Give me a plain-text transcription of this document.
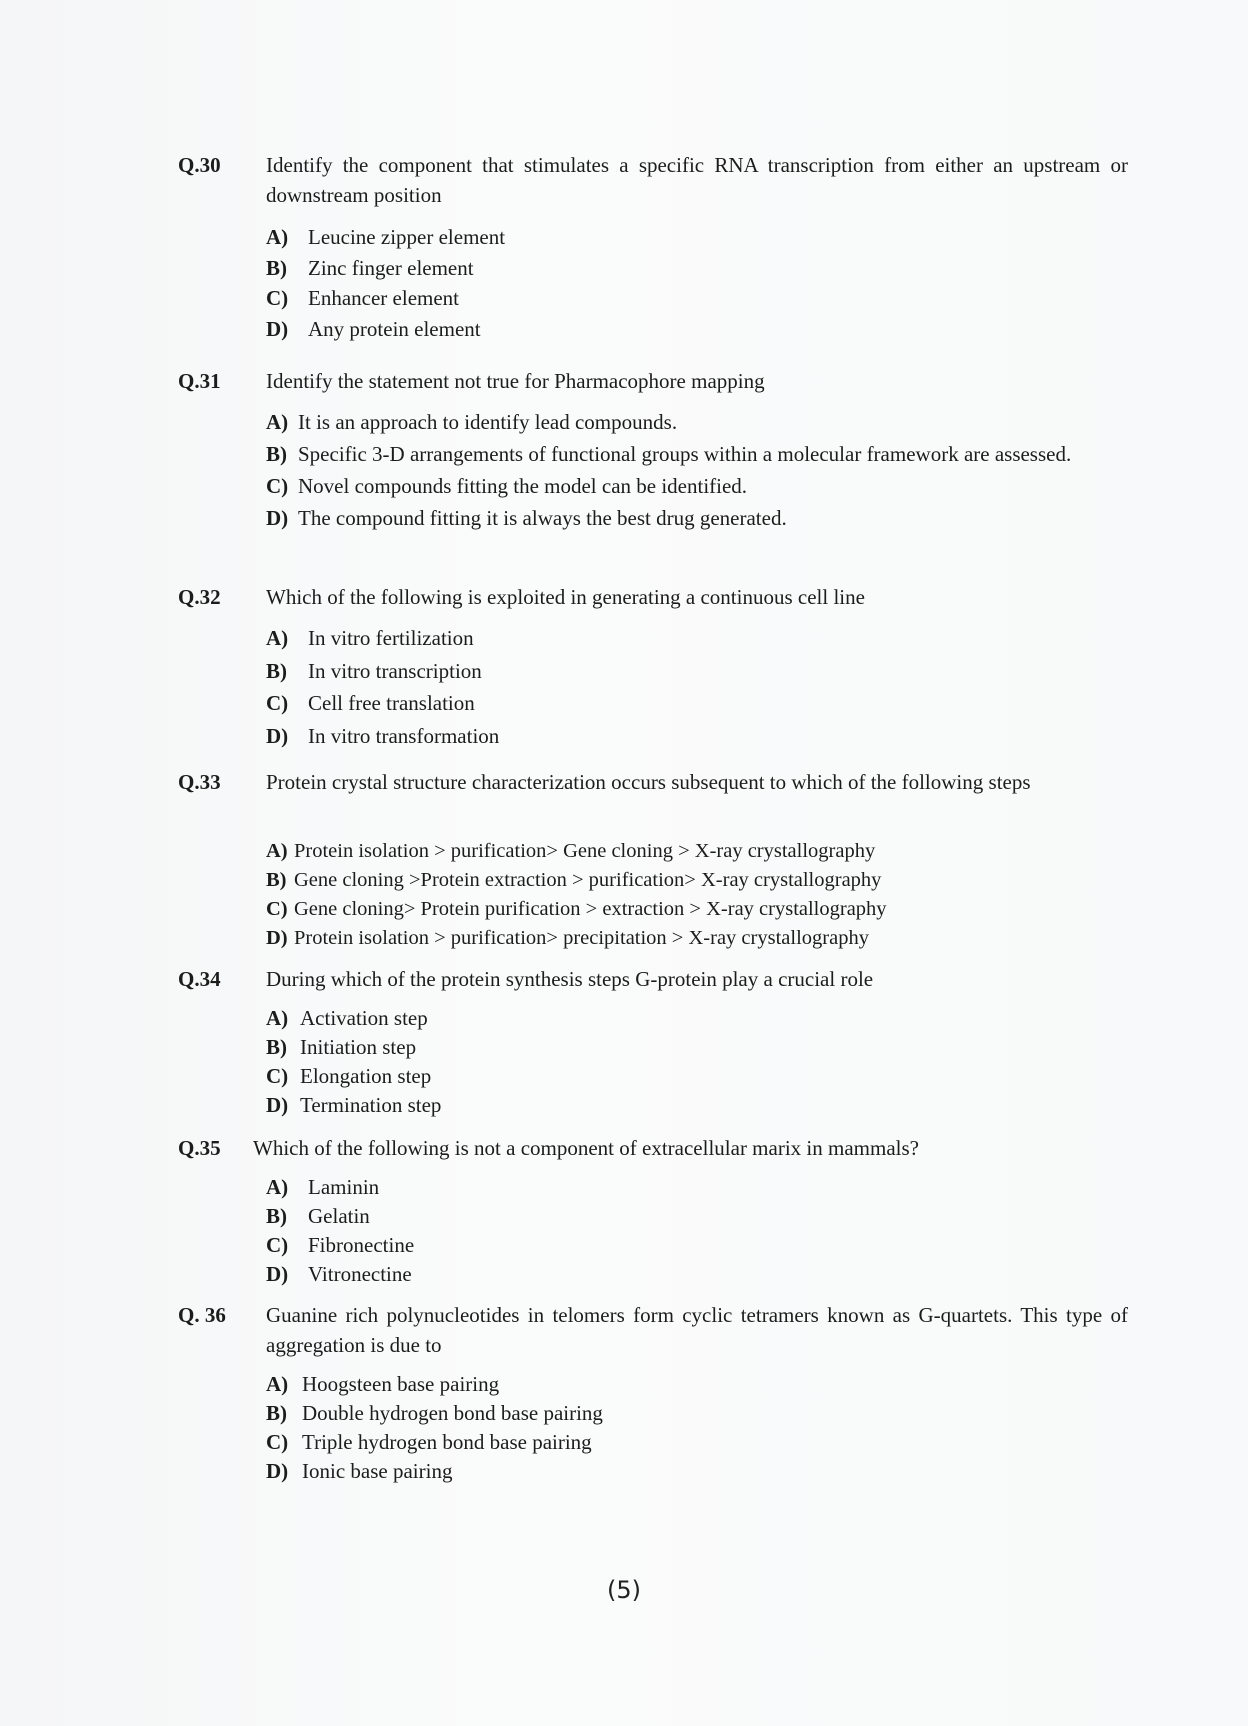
Q.30 Identify the component that stimulates a specific RNA transcription from either an upstream or downstream position
A) Leucine zipper element
B)	Zinc finger element
C) Enhancer element
D) Any protein element
Q.31 Identify the statement not true for Pharmacophore mapping
A) It is an approach to identify lead compounds.
B) Specific 3-D arrangements of functional groups within a molecular framework are assessed.
C) Novel compounds fitting the model can be identified.
D) The compound fitting it is always the best drug generated.
Q.32 Which of the following is exploited in generating a continuous cell line
A) In vitro fertilization
B)	In vitro transcription
C) Cell free translation
D) In vitro transformation
Q.33 Protein crystal structure characterization occurs subsequent to which of the following steps
A) Protein isolation > purification> Gene cloning > X-ray crystallography
B) Gene cloning >Protein extraction > purification> X-ray crystallography
C) Gene cloning> Protein purification > extraction > X-ray crystallography
D) Protein isolation > purification> precipitation > X-ray crystallography
Q.34 During which of the protein synthesis steps G-protein play a crucial role
A) Activation step
B) Initiation step
C) Elongation step
D) Termination step
Q.35 Which of the following is not a component of extracellular marix in mammals?
A) Laminin
B)	Gelatin
C) Fibronectine
D) Vitronectine
Q. 36 Guanine rich polynucleotides in telomers form cyclic tetramers known as G-quartets. This type of aggregation is due to
A) Hoogsteen base pairing
B) Double hydrogen bond base pairing
C) Triple hydrogen bond base pairing
D) Ionic base pairing
(5)
